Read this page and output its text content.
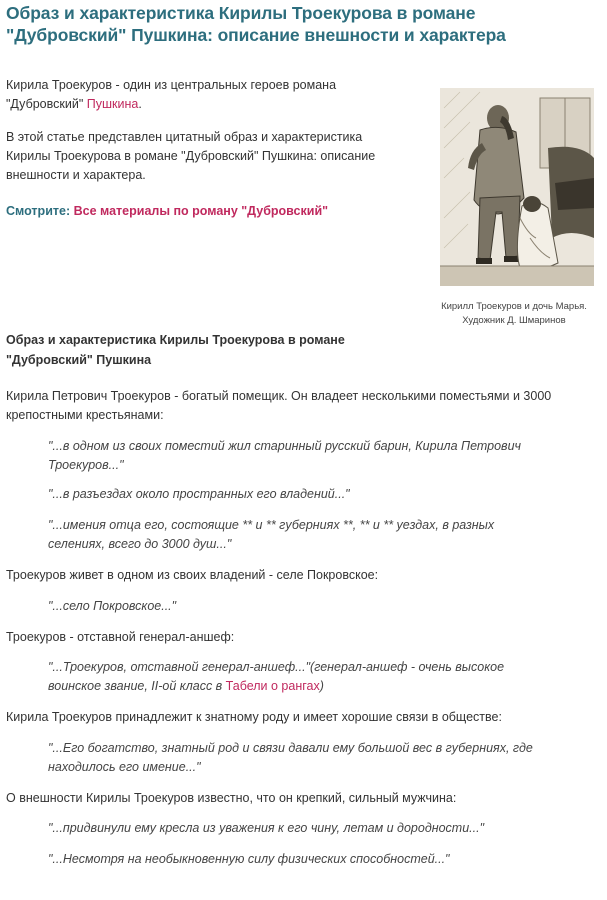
Образ и характеристика Кирилы Троекурова в романе
"Дубровский" Пушкина: описание внешности и характера

Кирила Троекуров - один из центральных героев романа
"Дубровский" Пушкина.

В этой статье представлен цитатный образ и характеристика
Кирилы Троекурова в романе "Дубровский" Пушкина: описание
внешности и характера.

Смотрите: Все материалы по роману "Дубровский"

Кирилл Троекуров и дочь Марья.
Художник Д. Шмаринов

Образ и характеристика Кирилы Троекурова в романе
"Дубровский" Пушкина

Кирила Петрович Троекуров - богатый помещик. Он владеет несколькими поместьями и 3000
крепостными крестьянами:

"...в одном из своих поместий жил старинный русский барин, Кирила Петрович
Троекуров..."

"...в разъездах около пространных его владений..."

"...имения отца его, состоящие ** и ** губерниях **, ** и ** уездах, в разных
селениях, всего до 3000 душ..."

Троекуров живет в одном из своих владений - селе Покровское:

"...село Покровское..."

Троекуров - отставной генерал-аншеф:

"...Троекуров, отставной генерал-аншеф..."(генерал-аншеф - очень высокое
воинское звание, II-ой класс в Табели о рангах)

Кирила Троекуров принадлежит к знатному роду и имеет хорошие связи в обществе:

"...Его богатство, знатный род и связи давали ему большой вес в губерниях, где
находилось его имение..."

О внешности Кирилы Троекуров известно, что он крепкий, сильный мужчина:

"...придвинули ему кресла из уважения к его чину, летам и дородности..."

"...Несмотря на необыкновенную силу физических способностей..."
